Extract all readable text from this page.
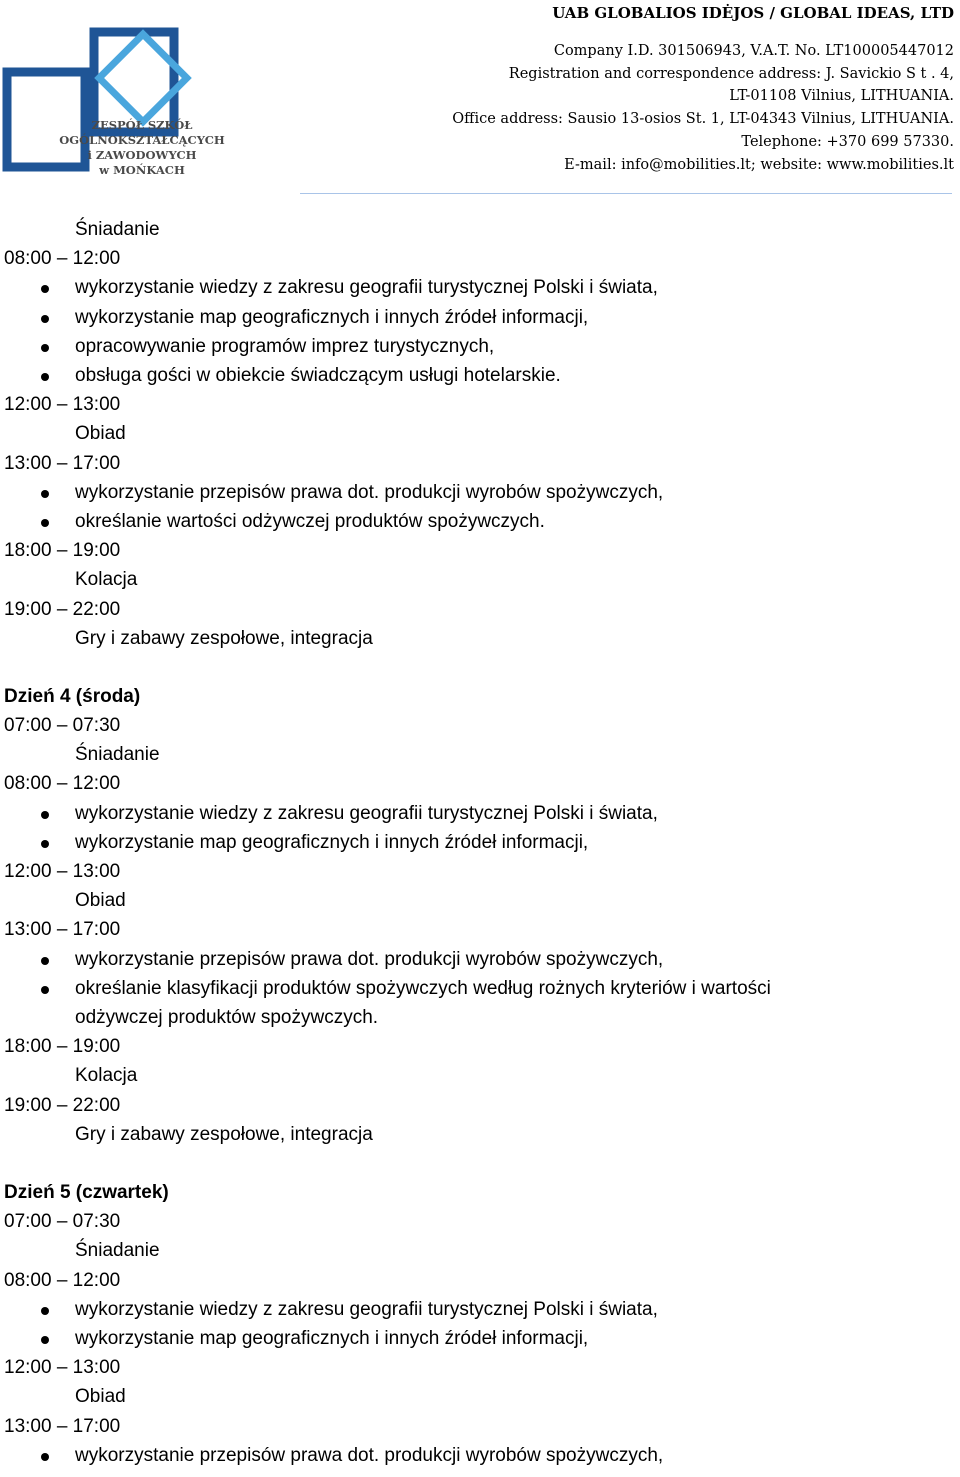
ZESPÓŁ SZKÓŁ
OGÓLNOKSZTAŁCĄCYCH
i ZAWODOWYCH
w MOŃKACH
UAB GLOBALIOS IDĖJOS / GLOBAL IDEAS, LTD
Company I.D. 301506943, V.A.T. No. LT100005447012
Registration and correspondence address: J. Savickio S t . 4,
LT-01108 Vilnius, LITHUANIA.
Office address: Sausio 13-osios St. 1, LT-04343 Vilnius, LITHUANIA.
Telephone: +370 699 57330.
E-mail: info@mobilities.lt; website: www.mobilities.lt
Śniadanie
08:00 – 12:00
wykorzystanie wiedzy z zakresu geografii turystycznej Polski i świata,
wykorzystanie map geograficznych i innych źródeł informacji,
opracowywanie programów imprez turystycznych,
obsługa gości w obiekcie świadczącym usługi hotelarskie.
12:00 – 13:00
Obiad
13:00 – 17:00
wykorzystanie przepisów prawa dot. produkcji wyrobów spożywczych,
określanie wartości odżywczej produktów spożywczych.
18:00 – 19:00
Kolacja
19:00 – 22:00
Gry i zabawy zespołowe, integracja
Dzień 4 (środa)
07:00 – 07:30
Śniadanie
08:00 – 12:00
wykorzystanie wiedzy z zakresu geografii turystycznej Polski i świata,
wykorzystanie map geograficznych i innych źródeł informacji,
12:00 – 13:00
Obiad
13:00 – 17:00
wykorzystanie przepisów prawa dot. produkcji wyrobów spożywczych,
określanie klasyfikacji produktów spożywczych według rożnych kryteriów i wartości odżywczej produktów spożywczych.
18:00 – 19:00
Kolacja
19:00 – 22:00
Gry i zabawy zespołowe, integracja
Dzień 5 (czwartek)
07:00 – 07:30
Śniadanie
08:00 – 12:00
wykorzystanie wiedzy z zakresu geografii turystycznej Polski i świata,
wykorzystanie map geograficznych i innych źródeł informacji,
12:00 – 13:00
Obiad
13:00 – 17:00
wykorzystanie przepisów prawa dot. produkcji wyrobów spożywczych,
